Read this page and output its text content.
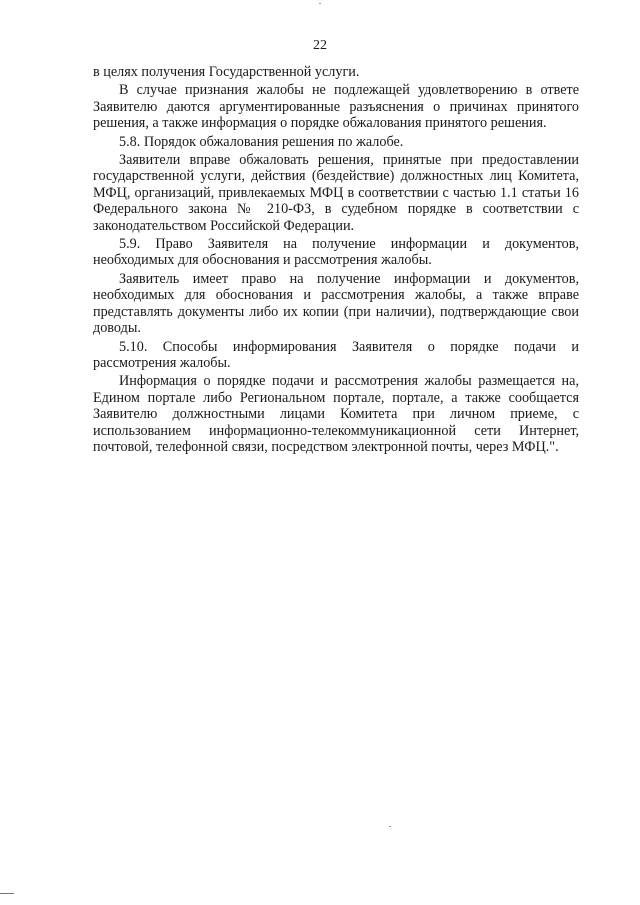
22

в целях получения Государственной услуги.

В случае признания жалобы не подлежащей удовлетворению в ответе Заявителю даются аргументированные разъяснения о причинах принятого решения, а также информация о порядке обжалования принятого решения.

5.8. Порядок обжалования решения по жалобе.

Заявители вправе обжаловать решения, принятые при предоставлении государственной услуги, действия (бездействие) должностных лиц Комитета, МФЦ, организаций, привлекаемых МФЦ в соответствии с частью 1.1 статьи 16 Федерального закона № 210-ФЗ, в судебном порядке в соответствии с законодательством Российской Федерации.

5.9. Право Заявителя на получение информации и документов, необходимых для обоснования и рассмотрения жалобы.

Заявитель имеет право на получение информации и документов, необходимых для обоснования и рассмотрения жалобы, а также вправе представлять документы либо их копии (при наличии), подтверждающие свои доводы.

5.10. Способы информирования Заявителя о порядке подачи и рассмотрения жалобы.

Информация о порядке подачи и рассмотрения жалобы размещается на, Едином портале либо Региональном портале, портале, а также сообщается Заявителю должностными лицами Комитета при личном приеме, с использованием информационно-телекоммуникационной сети Интернет, почтовой, телефонной связи, посредством электронной почты, через МФЦ.".
